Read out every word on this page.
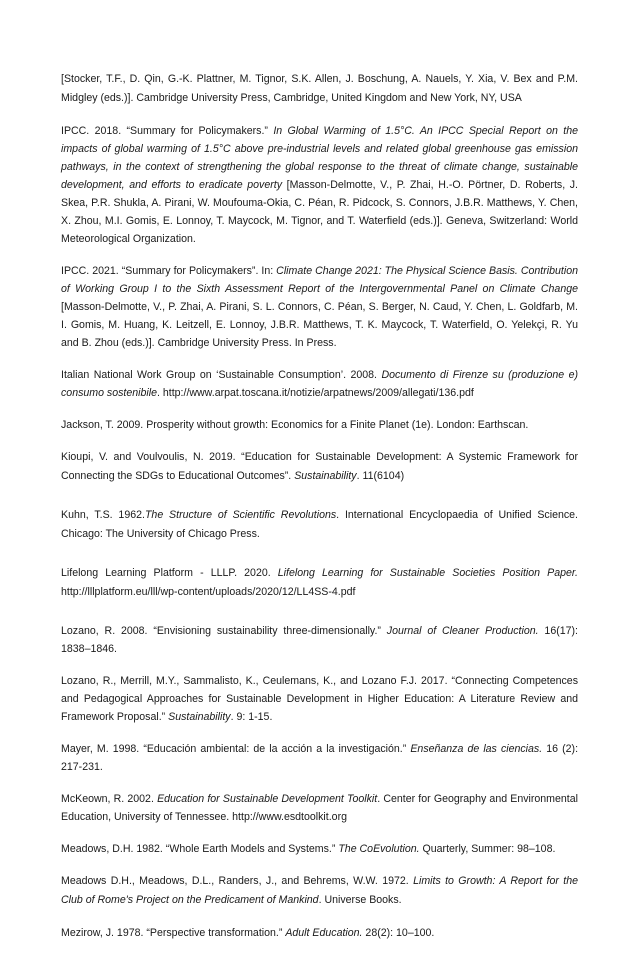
[Stocker, T.F., D. Qin, G.-K. Plattner, M. Tignor, S.K. Allen, J. Boschung, A. Nauels, Y. Xia, V. Bex and P.M. Midgley (eds.)]. Cambridge University Press, Cambridge, United Kingdom and New York, NY, USA

IPCC. 2018. “Summary for Policymakers.” In Global Warming of 1.5°C. An IPCC Special Report on the impacts of global warming of 1.5°C above pre-industrial levels and related global greenhouse gas emission pathways, in the context of strengthening the global response to the threat of climate change, sustainable development, and efforts to eradicate poverty [Masson-Delmotte, V., P. Zhai, H.-O. Pörtner, D. Roberts, J. Skea, P.R. Shukla, A. Pirani, W. Moufouma-Okia, C. Péan, R. Pidcock, S. Connors, J.B.R. Matthews, Y. Chen, X. Zhou, M.I. Gomis, E. Lonnoy, T. Maycock, M. Tignor, and T. Waterfield (eds.)]. Geneva, Switzerland: World Meteorological Organization.

IPCC. 2021. “Summary for Policymakers”. In: Climate Change 2021: The Physical Science Basis. Contribution of Working Group I to the Sixth Assessment Report of the Intergovernmental Panel on Climate Change [Masson-Delmotte, V., P. Zhai, A. Pirani, S. L. Connors, C. Péan, S. Berger, N. Caud, Y. Chen, L. Goldfarb, M. I. Gomis, M. Huang, K. Leitzell, E. Lonnoy, J.B.R. Matthews, T. K. Maycock, T. Waterfield, O. Yelekçi, R. Yu and B. Zhou (eds.)]. Cambridge University Press. In Press.

Italian National Work Group on ‘Sustainable Consumption’. 2008. Documento di Firenze su (produzione e) consumo sostenibile. http://www.arpat.toscana.it/notizie/arpatnews/2009/allegati/136.pdf

Jackson, T. 2009. Prosperity without growth: Economics for a Finite Planet (1e). London: Earthscan.

Kioupi, V. and Voulvoulis, N. 2019. “Education for Sustainable Development: A Systemic Framework for Connecting the SDGs to Educational Outcomes”. Sustainability. 11(6104)

Kuhn, T.S. 1962.The Structure of Scientific Revolutions. International Encyclopaedia of Unified Science. Chicago: The University of Chicago Press.

Lifelong Learning Platform - LLLP. 2020. Lifelong Learning for Sustainable Societies Position Paper. http://lllplatform.eu/lll/wp-content/uploads/2020/12/LL4SS-4.pdf

Lozano, R. 2008. “Envisioning sustainability three-dimensionally.” Journal of Cleaner Production. 16(17): 1838–1846.

Lozano, R., Merrill, M.Y., Sammalisto, K., Ceulemans, K., and Lozano F.J. 2017. “Connecting Competences and Pedagogical Approaches for Sustainable Development in Higher Education: A Literature Review and Framework Proposal.” Sustainability. 9: 1-15.

Mayer, M. 1998. “Educación ambiental: de la acción a la investigación.” Enseñanza de las ciencias. 16 (2): 217-231.

McKeown, R. 2002. Education for Sustainable Development Toolkit. Center for Geography and Environmental Education, University of Tennessee. http://www.esdtoolkit.org

Meadows, D.H. 1982. “Whole Earth Models and Systems.” The CoEvolution. Quarterly, Summer: 98–108.

Meadows D.H., Meadows, D.L., Randers, J., and Behrems, W.W. 1972. Limits to Growth: A Report for the Club of Rome's Project on the Predicament of Mankind. Universe Books.

Mezirow, J. 1978. “Perspective transformation.” Adult Education. 28(2): 10–100.
